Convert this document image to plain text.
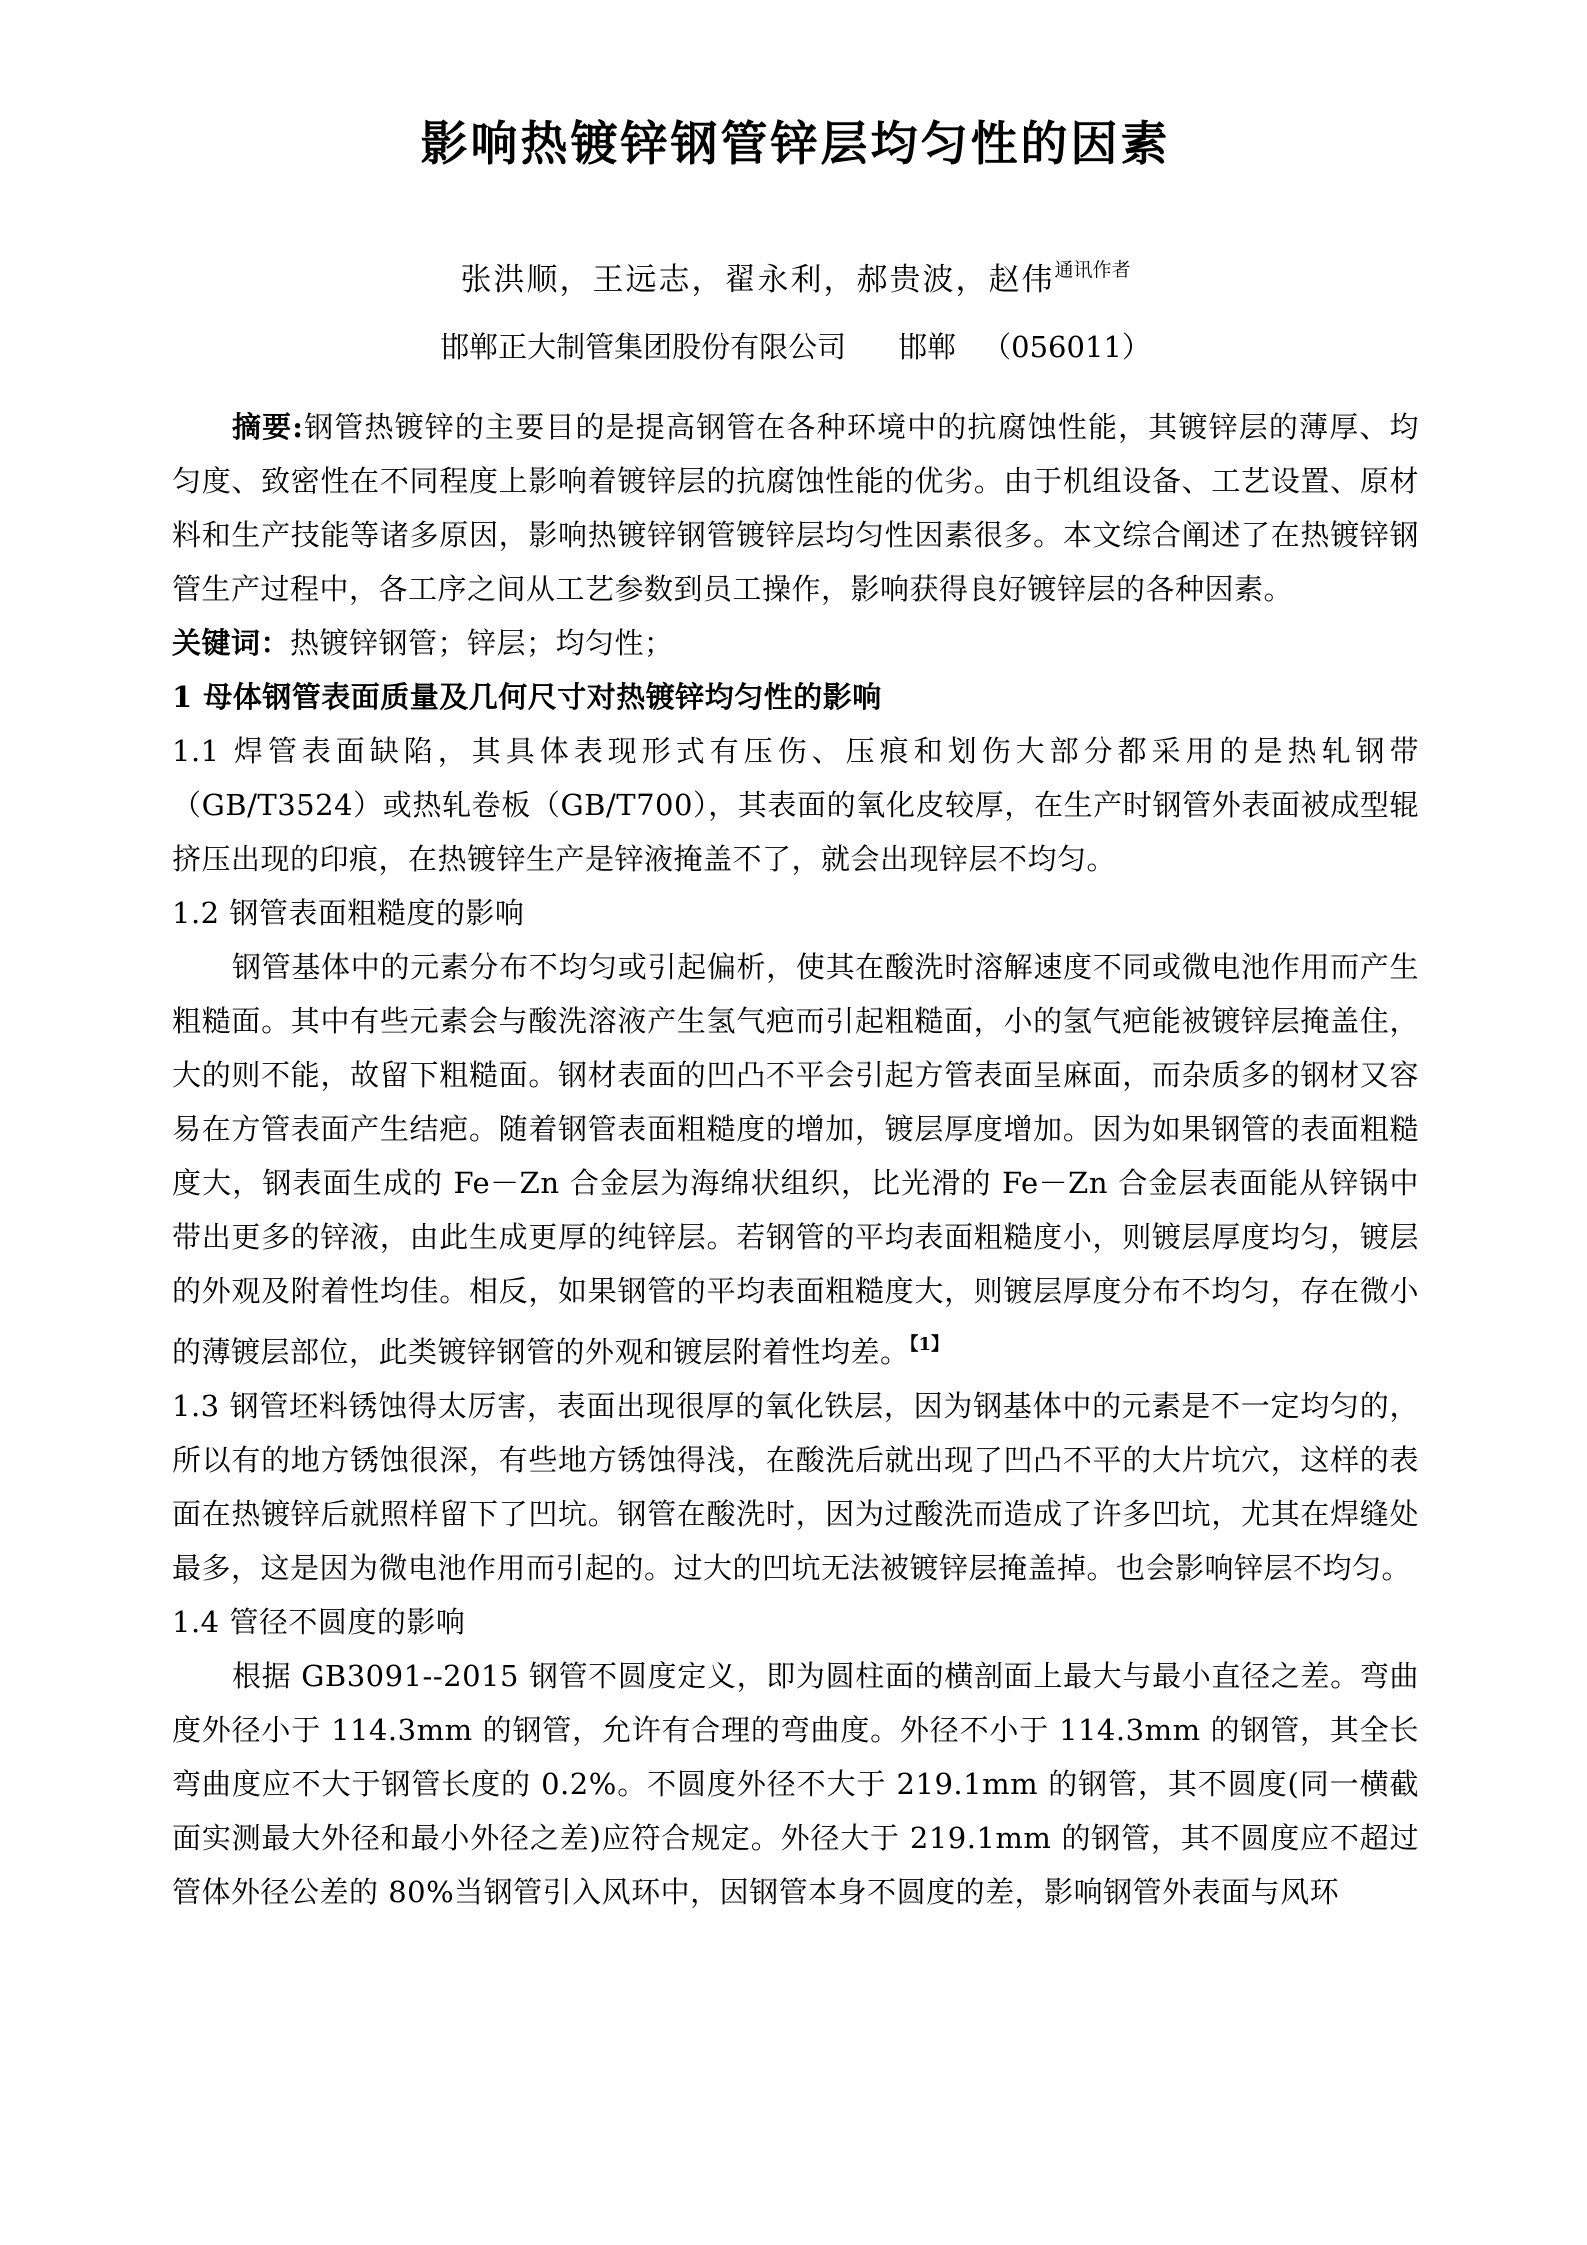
影响热镀锌钢管锌层均匀性的因素
张洪顺，王远志，翟永利，郝贵波，赵伟$^{通讯作者}$
邯郸正大制管集团股份有限公司 邯郸 （056011）

摘要:钢管热镀锌的主要目的是提高钢管在各种环境中的抗腐蚀性能，其镀锌层的薄厚、均匀度、致密性在不同程度上影响着镀锌层的抗腐蚀性能的优劣。由于机组设备、工艺设置、原材料和生产技能等诸多原因，影响热镀锌钢管镀锌层均匀性因素很多。本文综合阐述了在热镀锌钢管生产过程中，各工序之间从工艺参数到员工操作，影响获得良好镀锌层的各种因素。

关键词：热镀锌钢管；锌层；均匀性；

1 母体钢管表面质量及几何尺寸对热镀锌均匀性的影响

1.1 焊管表面缺陷，其具体表现形式有压伤、压痕和划伤大部分都采用的是热轧钢带（GB/T3524）或热轧卷板（GB/T700），其表面的氧化皮较厚，在生产时钢管外表面被成型辊挤压出现的印痕，在热镀锌生产是锌液掩盖不了，就会出现锌层不均匀。

1.2 钢管表面粗糙度的影响

钢管基体中的元素分布不均匀或引起偏析，使其在酸洗时溶解速度不同或微电池作用而产生粗糙面。其中有些元素会与酸洗溶液产生氢气疤而引起粗糙面，小的氢气疤能被镀锌层掩盖住，大的则不能，故留下粗糙面。钢材表面的凹凸不平会引起方管表面呈麻面，而杂质多的钢材又容易在方管表面产生结疤。随着钢管表面粗糙度的增加，镀层厚度增加。因为如果钢管的表面粗糙度大，钢表面生成的 Fe－Zn 合金层为海绵状组织，比光滑的 Fe－Zn 合金层表面能从锌锅中带出更多的锌液，由此生成更厚的纯锌层。若钢管的平均表面粗糙度小，则镀层厚度均匀，镀层的外观及附着性均佳。相反，如果钢管的平均表面粗糙度大，则镀层厚度分布不均匀，存在微小的薄镀层部位，此类镀锌钢管的外观和镀层附着性均差。$^{【1】}$

1.3 钢管坯料锈蚀得太厉害，表面出现很厚的氧化铁层，因为钢基体中的元素是不一定均匀的，所以有的地方锈蚀很深，有些地方锈蚀得浅，在酸洗后就出现了凹凸不平的大片坑穴，这样的表面在热镀锌后就照样留下了凹坑。钢管在酸洗时，因为过酸洗而造成了许多凹坑，尤其在焊缝处最多，这是因为微电池作用而引起的。过大的凹坑无法被镀锌层掩盖掉。也会影响锌层不均匀。

1.4 管径不圆度的影响

根据 GB3091--2015 钢管不圆度定义，即为圆柱面的横剖面上最大与最小直径之差。弯曲度外径小于 114.3mm 的钢管，允许有合理的弯曲度。外径不小于 114.3mm 的钢管，其全长弯曲度应不大于钢管长度的 0.2%。不圆度外径不大于 219.1mm 的钢管，其不圆度(同一横截面实测最大外径和最小外径之差)应符合规定。外径大于 219.1mm 的钢管，其不圆度应不超过管体外径公差的 80%当钢管引入风环中，因钢管本身不圆度的差，影响钢管外表面与风环
